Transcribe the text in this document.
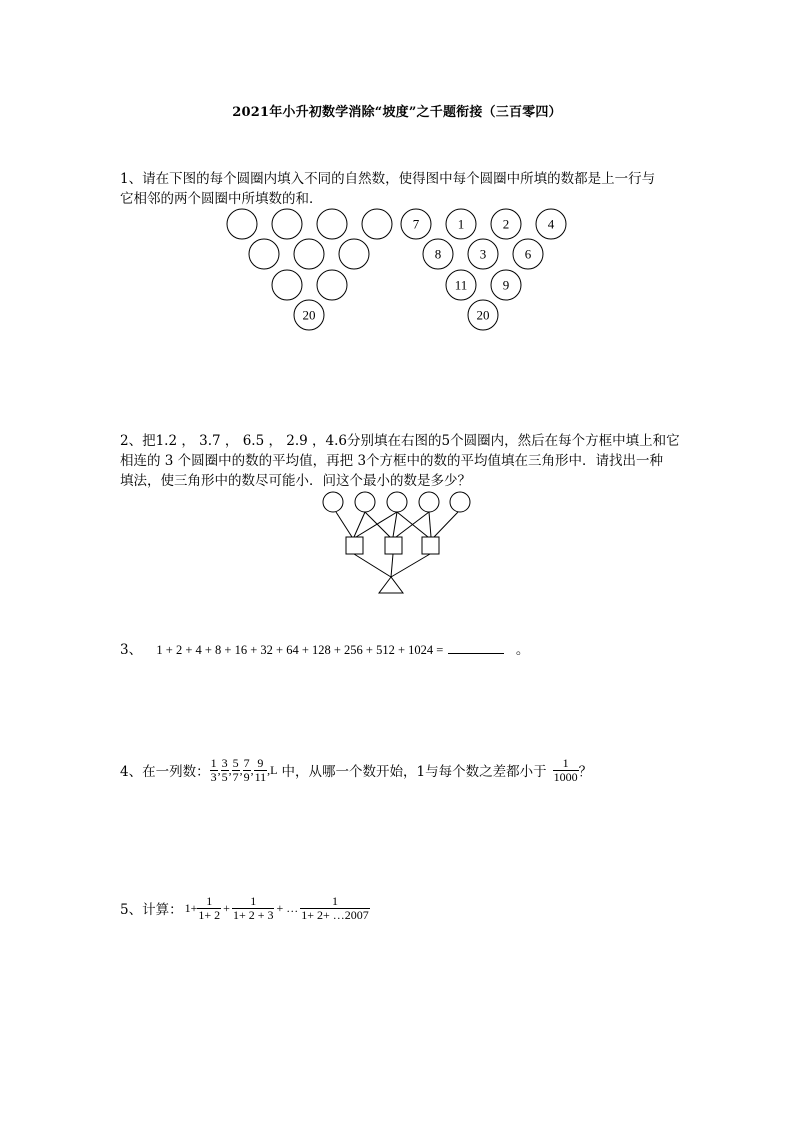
2021年小升初数学消除“坡度”之千题衔接（三百零四）
1、请在下图的每个圆圈内填入不同的自然数，使得图中每个圆圈中所填的数都是上一行与
它相邻的两个圆圈中所填数的和．
20
7	1	2	4
8	3	6
11	9
20
2、把1.2 ， 3.7 ， 6.5 ， 2.9 ，4.6分别填在右图的5个圆圈内，然后在每个方框中填上和它
相连的 3 个圆圈中的数的平均值，再把 3个方框中的数的平均值填在三角形中．请找出一种
填法，使三角形中的数尽可能小．问这个最小的数是多少？
3、 1 + 2 + 4 + 8 + 16 + 32 + 64 + 128 + 256 + 512 + 1024 =	。
4、在一列数： $\frac{1}{3}$ , $\frac{3}{5}$ , $\frac{5}{7}$ , $\frac{7}{9}$ , $\frac{9}{11}$ , L 中，从哪一个数开始，1与每个数之差都小于 $\frac{1}{1000}$ ？
5、计算： $1+ \frac{1}{1+ 2} + \frac{1}{1+ 2 + 3}$ + … $\frac{1}{1+ 2+ \dots 2007}$
